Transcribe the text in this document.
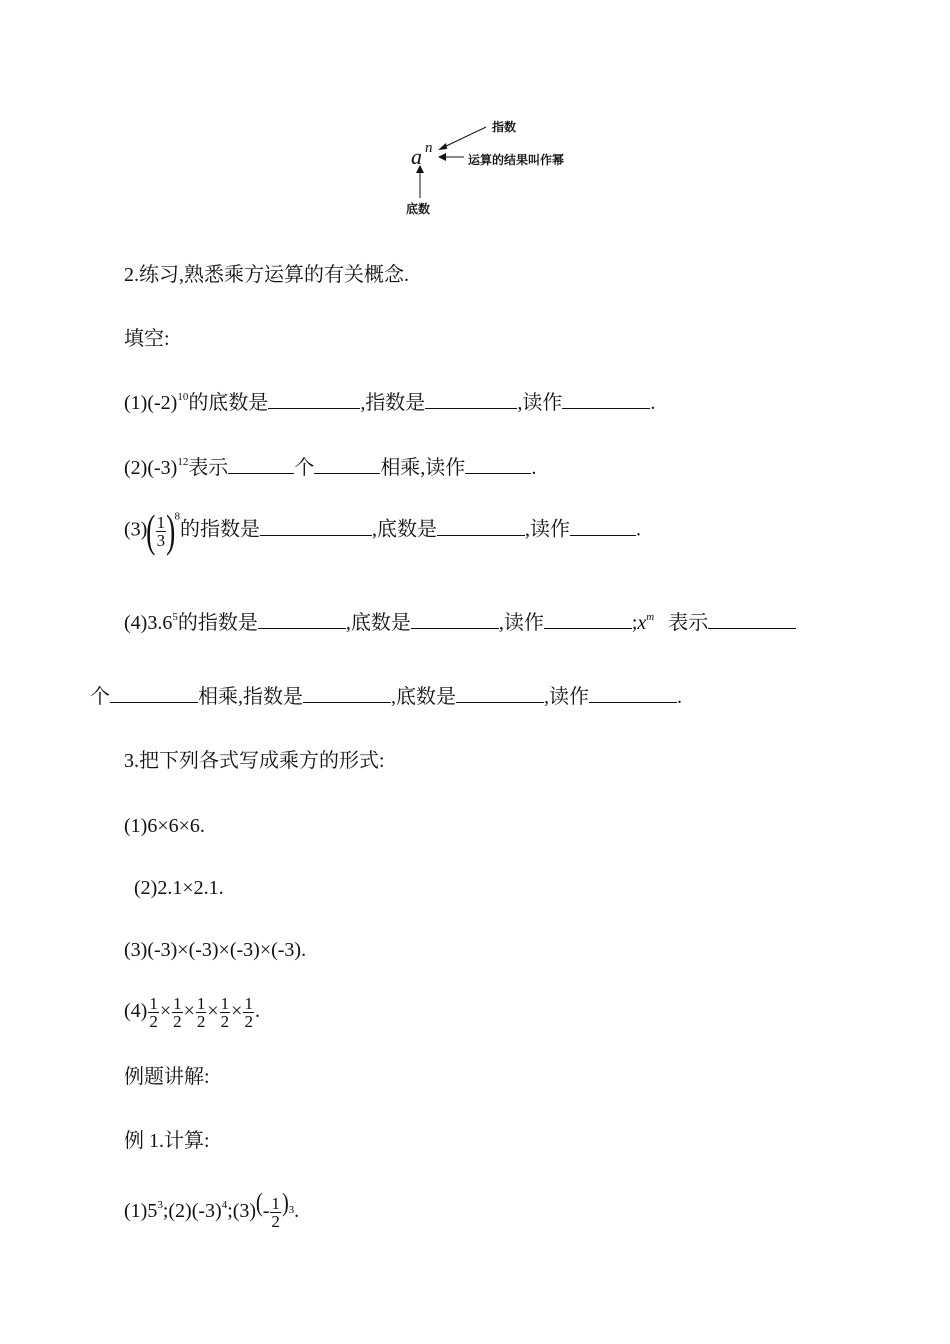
a n
指数
运算的结果叫作幂
底数
2.练习,熟悉乘方运算的有关概念.
填空:
$(1)(-2)^{10}$的底数是	,指数是	,读作	.
$(2)(-3)^{12}$表示	个	相乘,读作	.
$(3)( \frac{1}{3} )^8$的指数是	,底数是	,读作	.
$(4)3.6^5$的指数是	,底数是	,读作	$;x^m$ 表示
个	相乘,指数是	,底数是	,读作	.
3.把下列各式写成乘方的形式:
(1)6×6×6.
(2)2.1×2.1.
(3)(-3)×(-3)×(-3)×(-3).
$(4) \frac{1}{2} \times \frac{1}{2} \times \frac{1}{2} \times \frac{1}{2} \times \frac{1}{2}$ .
例题讲解:
例 1.计算:
$(1)5^3;(2)(-3)^4;(3)(- \frac{1}{2} )^3$.
